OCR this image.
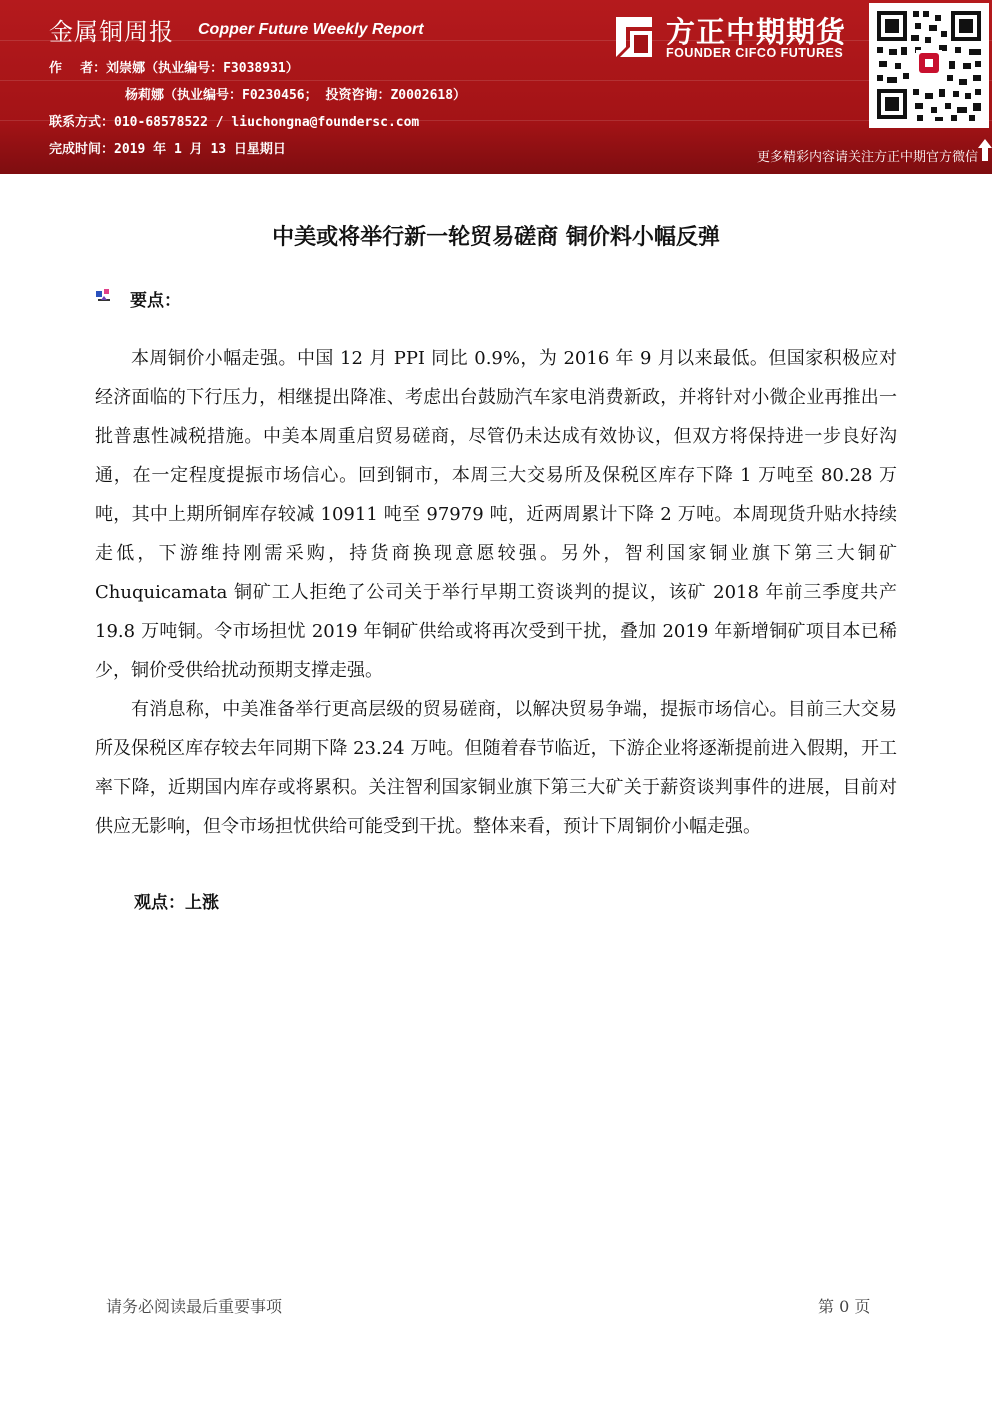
金属铜周报 Copper Future Weekly Report
作    者：刘崇娜（执业编号：F3038931）
杨莉娜（执业编号：F0230456； 投资咨询：Z0002618）
联系方式：010-68578522 / liuchongna@foundersc.com
完成时间：2019 年 1 月 13 日星期日
方正中期期货
FOUNDER CIFCO FUTURES
更多精彩内容请关注方正中期官方微信
中美或将举行新一轮贸易磋商 铜价料小幅反弹
要点：

本周铜价小幅走强。中国 12 月 PPI 同比 0.9%，为 2016 年 9 月以来最低。但国家积极应对经济面临的下行压力，相继提出降准、考虑出台鼓励汽车家电消费新政，并将针对小微企业再推出一批普惠性减税措施。中美本周重启贸易磋商，尽管仍未达成有效协议，但双方将保持进一步良好沟通，在一定程度提振市场信心。回到铜市，本周三大交易所及保税区库存下降 1 万吨至 80.28 万吨，其中上期所铜库存较减 10911 吨至 97979 吨，近两周累计下降 2 万吨。本周现货升贴水持续走低，下游维持刚需采购，持货商换现意愿较强。另外，智利国家铜业旗下第三大铜矿 Chuquicamata 铜矿工人拒绝了公司关于举行早期工资谈判的提议，该矿 2018 年前三季度共产 19.8 万吨铜。令市场担忧 2019 年铜矿供给或将再次受到干扰，叠加 2019 年新增铜矿项目本已稀少，铜价受供给扰动预期支撑走强。

有消息称，中美准备举行更高层级的贸易磋商，以解决贸易争端，提振市场信心。目前三大交易所及保税区库存较去年同期下降 23.24 万吨。但随着春节临近，下游企业将逐渐提前进入假期，开工率下降，近期国内库存或将累积。关注智利国家铜业旗下第三大矿关于薪资谈判事件的进展，目前对供应无影响，但令市场担忧供给可能受到干扰。整体来看，预计下周铜价小幅走强。

观点：上涨
请务必阅读最后重要事项	第 0 页
